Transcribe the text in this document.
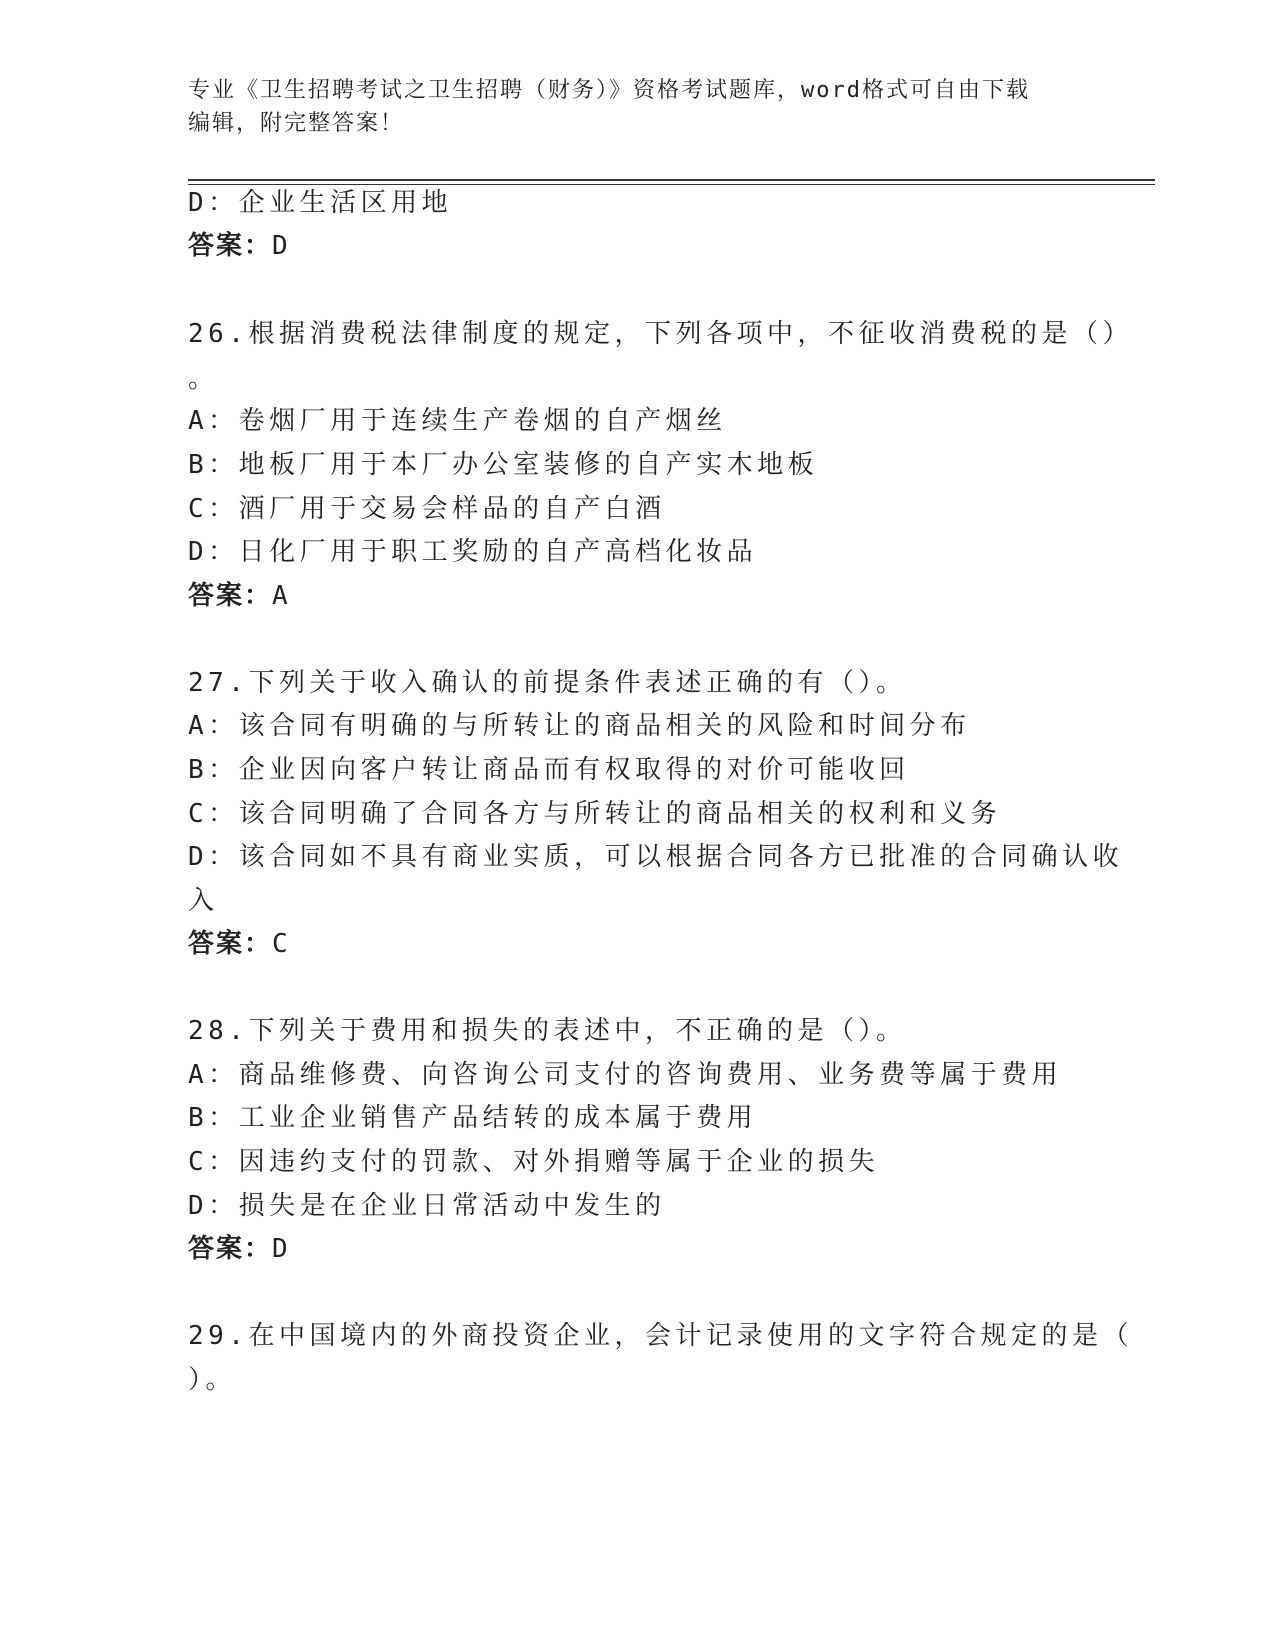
专业《卫生招聘考试之卫生招聘（财务）》资格考试题库，word格式可自由下载
编辑，附完整答案！
D：企业生活区用地
答案：D
26.根据消费税法律制度的规定，下列各项中，不征收消费税的是（）
。
A：卷烟厂用于连续生产卷烟的自产烟丝
B：地板厂用于本厂办公室装修的自产实木地板
C：酒厂用于交易会样品的自产白酒
D：日化厂用于职工奖励的自产高档化妆品
答案：A
27.下列关于收入确认的前提条件表述正确的有（）。
A：该合同有明确的与所转让的商品相关的风险和时间分布
B：企业因向客户转让商品而有权取得的对价可能收回
C：该合同明确了合同各方与所转让的商品相关的权利和义务
D：该合同如不具有商业实质，可以根据合同各方已批准的合同确认收
入
答案：C
28.下列关于费用和损失的表述中，不正确的是（）。
A：商品维修费、向咨询公司支付的咨询费用、业务费等属于费用
B：工业企业销售产品结转的成本属于费用
C：因违约支付的罚款、对外捐赠等属于企业的损失
D：损失是在企业日常活动中发生的
答案：D
29.在中国境内的外商投资企业，会计记录使用的文字符合规定的是（
）。
